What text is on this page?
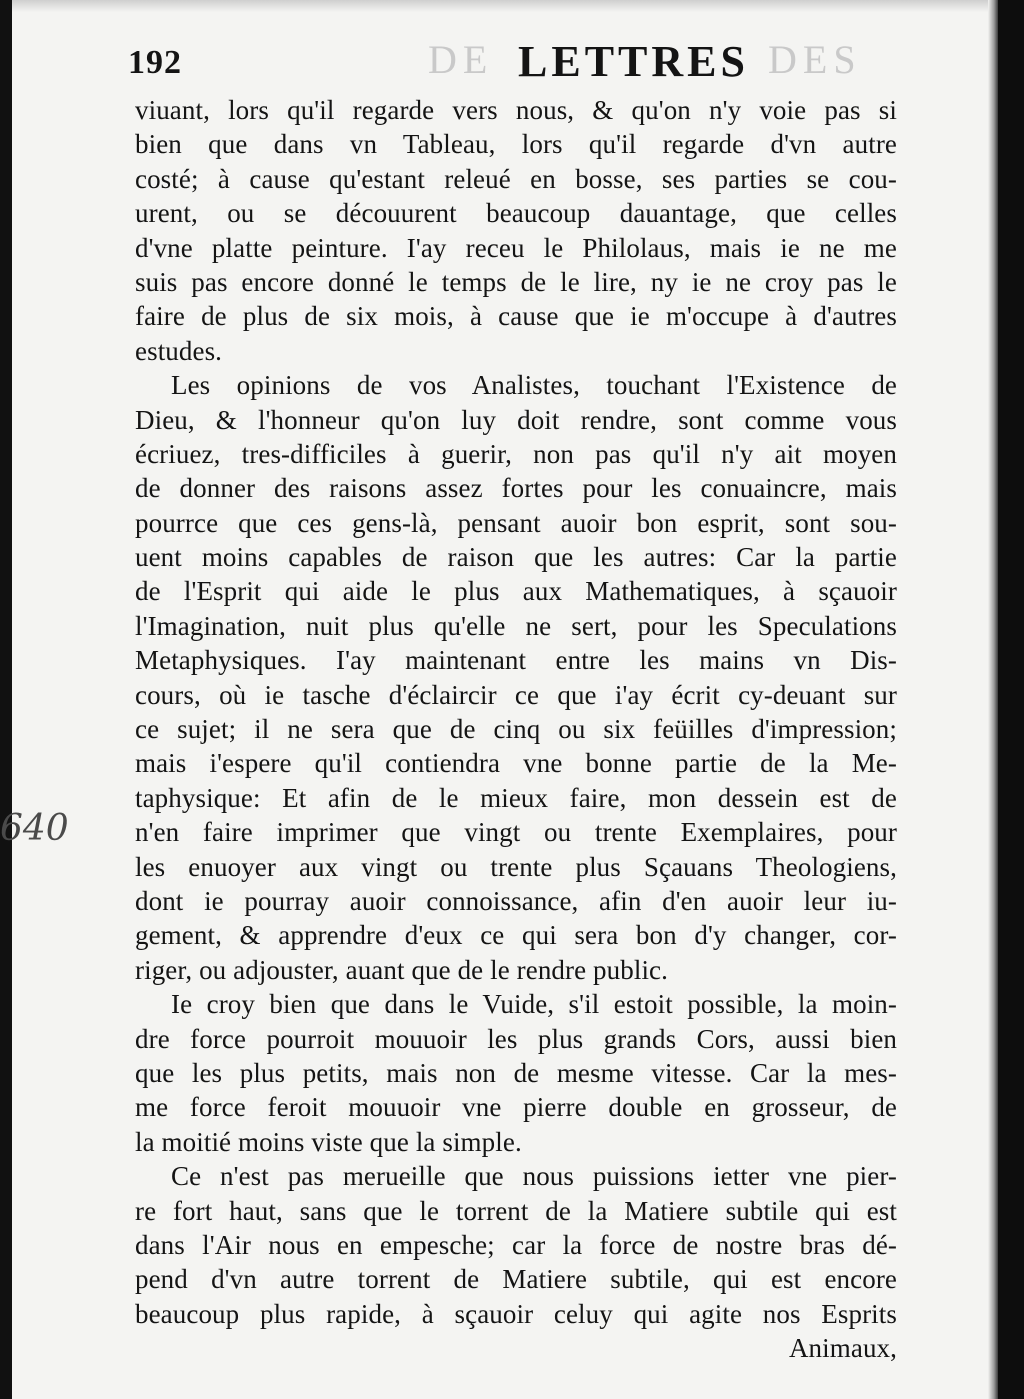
DE	DES
192	LETTRES
640
viuant, lors qu'il regarde vers nous, & qu'on n'y voie pas si
bien que dans vn Tableau, lors qu'il regarde d'vn autre
costé; à cause qu'estant releué en bosse, ses parties se cou-
urent, ou se découurent beaucoup dauantage, que celles
d'vne platte peinture. I'ay receu le Philolaus, mais ie ne me
suis pas encore donné le temps de le lire, ny ie ne croy pas le
faire de plus de six mois, à cause que ie m'occupe à d'autres
estudes.
Les opinions de vos Analistes, touchant l'Existence de
Dieu, & l'honneur qu'on luy doit rendre, sont comme vous
écriuez, tres-difficiles à guerir, non pas qu'il n'y ait moyen
de donner des raisons assez fortes pour les conuaincre, mais
pourrce que ces gens-là, pensant auoir bon esprit, sont sou-
uent moins capables de raison que les autres: Car la partie
de l'Esprit qui aide le plus aux Mathematiques, à sçauoir
l'Imagination, nuit plus qu'elle ne sert, pour les Speculations
Metaphysiques. I'ay maintenant entre les mains vn Dis-
cours, où ie tasche d'éclaircir ce que i'ay écrit cy-deuant sur
ce sujet; il ne sera que de cinq ou six feüilles d'impression;
mais i'espere qu'il contiendra vne bonne partie de la Me-
taphysique: Et afin de le mieux faire, mon dessein est de
n'en faire imprimer que vingt ou trente Exemplaires, pour
les enuoyer aux vingt ou trente plus Sçauans Theologiens,
dont ie pourray auoir connoissance, afin d'en auoir leur iu-
gement, & apprendre d'eux ce qui sera bon d'y changer, cor-
riger, ou adjouster, auant que de le rendre public.
Ie croy bien que dans le Vuide, s'il estoit possible, la moin-
dre force pourroit mouuoir les plus grands Cors, aussi bien
que les plus petits, mais non de mesme vitesse. Car la mes-
me force feroit mouuoir vne pierre double en grosseur, de
la moitié moins viste que la simple.
Ce n'est pas merueille que nous puissions ietter vne pier-
re fort haut, sans que le torrent de la Matiere subtile qui est
dans l'Air nous en empesche; car la force de nostre bras dé-
pend d'vn autre torrent de Matiere subtile, qui est encore
beaucoup plus rapide, à sçauoir celuy qui agite nos Esprits
Animaux,
